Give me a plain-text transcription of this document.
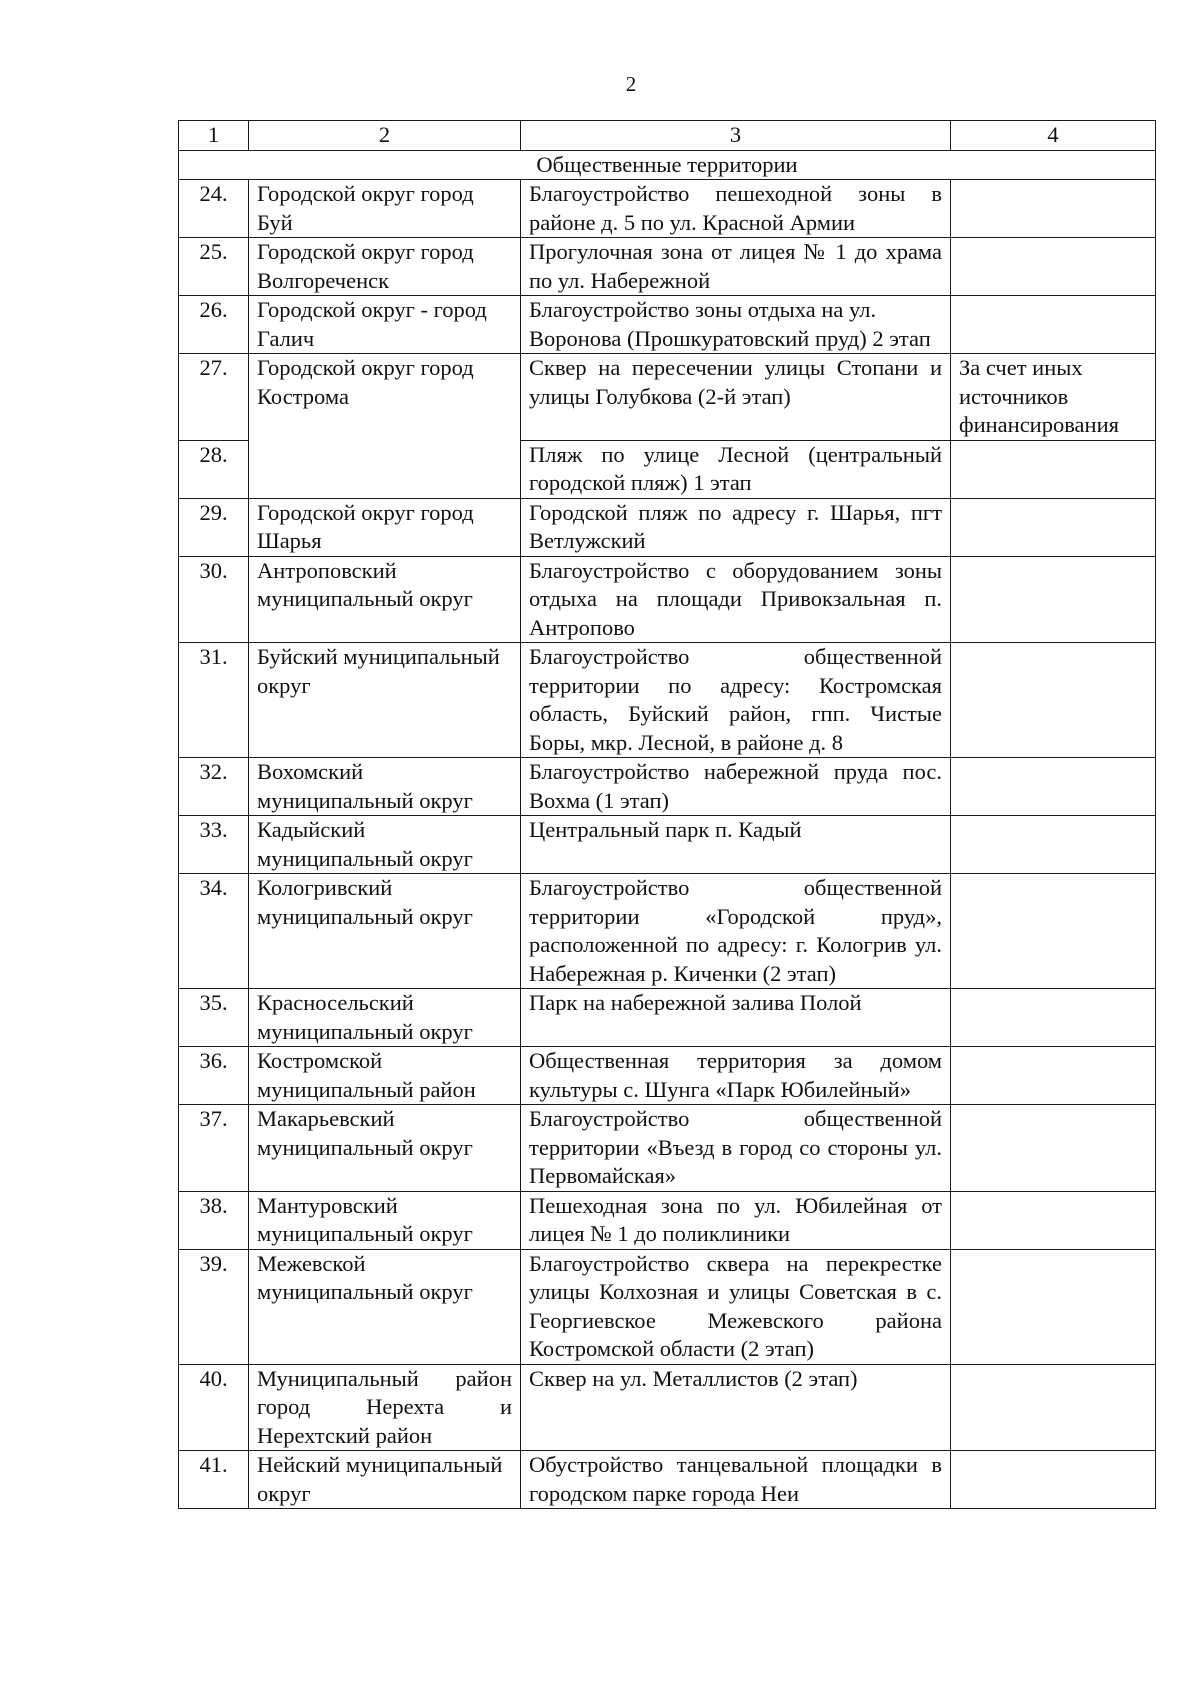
2
1	2	3	4
Общественные территории			
24.	Городской округ город Буй	Благоустройство пешеходной зоны в районе д. 5 по ул. Красной Армии	
25.	Городской округ город Волгореченск	Прогулочная зона от лицея № 1 до храма по ул. Набережной	
26.	Городской округ - город Галич	Благоустройство зоны отдыха на ул. Воронова (Прошкуратовский пруд) 2 этап	
27.	Городской округ город Кострома	Сквер на пересечении улицы Стопани и улицы Голубкова (2-й этап)	За счет иных источников финансирования
28.		Пляж по улице Лесной (центральный городской пляж) 1 этап	
29.	Городской округ город Шарья	Городской пляж по адресу г. Шарья, пгт Ветлужский	
30.	Антроповский муниципальный округ	Благоустройство с оборудованием зоны отдыха на площади Привокзальная п. Антропово	
31.	Буйский муниципальный округ	Благоустройство общественной территории по адресу: Костромская область, Буйский район, гпп. Чистые Боры, мкр. Лесной, в районе д. 8	
32.	Вохомский муниципальный округ	Благоустройство набережной пруда пос. Вохма (1 этап)	
33.	Кадыйский муниципальный округ	Центральный парк п. Кадый	
34.	Кологривский муниципальный округ	Благоустройство общественной территории «Городской пруд», расположенной по адресу: г. Кологрив ул. Набережная р. Киченки (2 этап)	
35.	Красносельский муниципальный округ	Парк на набережной залива Полой	
36.	Костромской муниципальный район	Общественная территория за домом культуры с. Шунга «Парк Юбилейный»	
37.	Макарьевский муниципальный округ	Благоустройство общественной территории «Въезд в город со стороны ул. Первомайская»	
38.	Мантуровский муниципальный округ	Пешеходная зона по ул. Юбилейная от лицея № 1 до поликлиники	
39.	Межевской муниципальный округ	Благоустройство сквера на перекрестке улицы Колхозная и улицы Советская в с. Георгиевское Межевского района Костромской области (2 этап)	
40.	Муниципальный район город Нерехта и Нерехтский район	Сквер на ул. Металлистов (2 этап)	
41.	Нейский муниципальный округ	Обустройство танцевальной площадки в городском парке города Неи	
